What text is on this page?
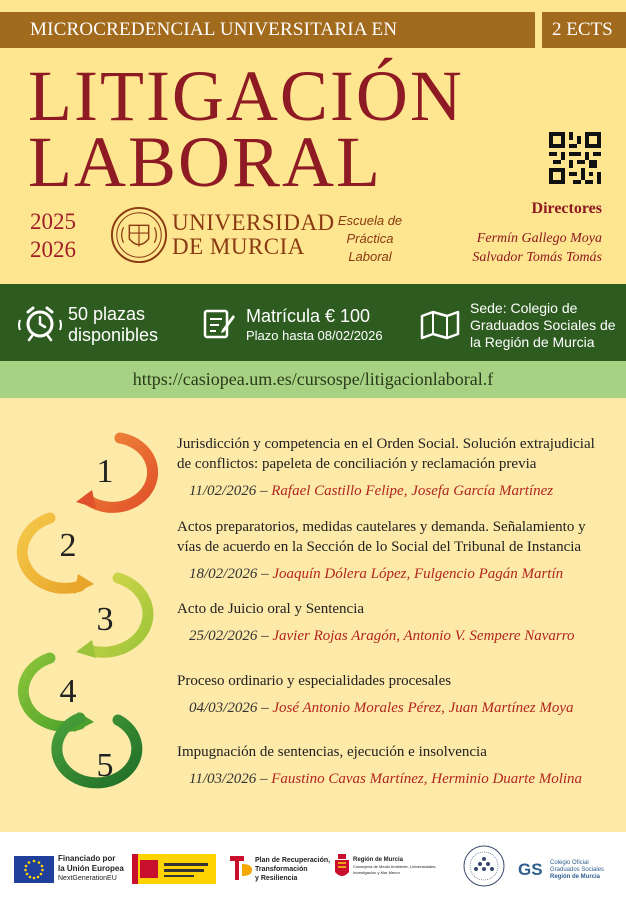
MICROCREDENCIAL UNIVERSITARIA EN	2 ECTS
LITIGACIÓN
LABORAL
2025
2026
UNIVERSIDAD
DE MURCIA
Escuela de
Práctica
Laboral
Directores
Fermín Gallego Moya
Salvador Tomás Tomás
50 plazas
disponibles
Matrícula € 100
Plazo hasta 08/02/2026
Sede: Colegio de
Graduados Sociales de
la Región de Murcia
https://casiopea.um.es/cursospe/litigacionlaboral.f
1
2
3
4
5
Jurisdicción y competencia en el Orden Social. Solución extrajudicial
de conflictos: papeleta de conciliación y reclamación previa
11/02/2026 – Rafael Castillo Felipe, Josefa García Martínez
Actos preparatorios, medidas cautelares y demanda. Señalamiento y
vías de acuerdo en la Sección de lo Social del Tribunal de Instancia
18/02/2026 – Joaquín Dólera López, Fulgencio Pagán Martín
Acto de Juicio oral y Sentencia
25/02/2026 – Javier Rojas Aragón, Antonio V. Sempere Navarro
Proceso ordinario y especialidades procesales
04/03/2026 – José Antonio Morales Pérez, Juan Martínez Moya
Impugnación de sentencias, ejecución e insolvencia
11/03/2026 – Faustino Cavas Martínez, Herminio Duarte Molina
Financiado por
la Unión Europea
NextGenerationEU
Plan de Recuperación,
Transformación
y Resiliencia
Región de Murcia
Consejería de Medio Ambiente, Universidades,
Investigación y Mar Menor	GS Colegio Oficial
Graduados Sociales
Región de Murcia
